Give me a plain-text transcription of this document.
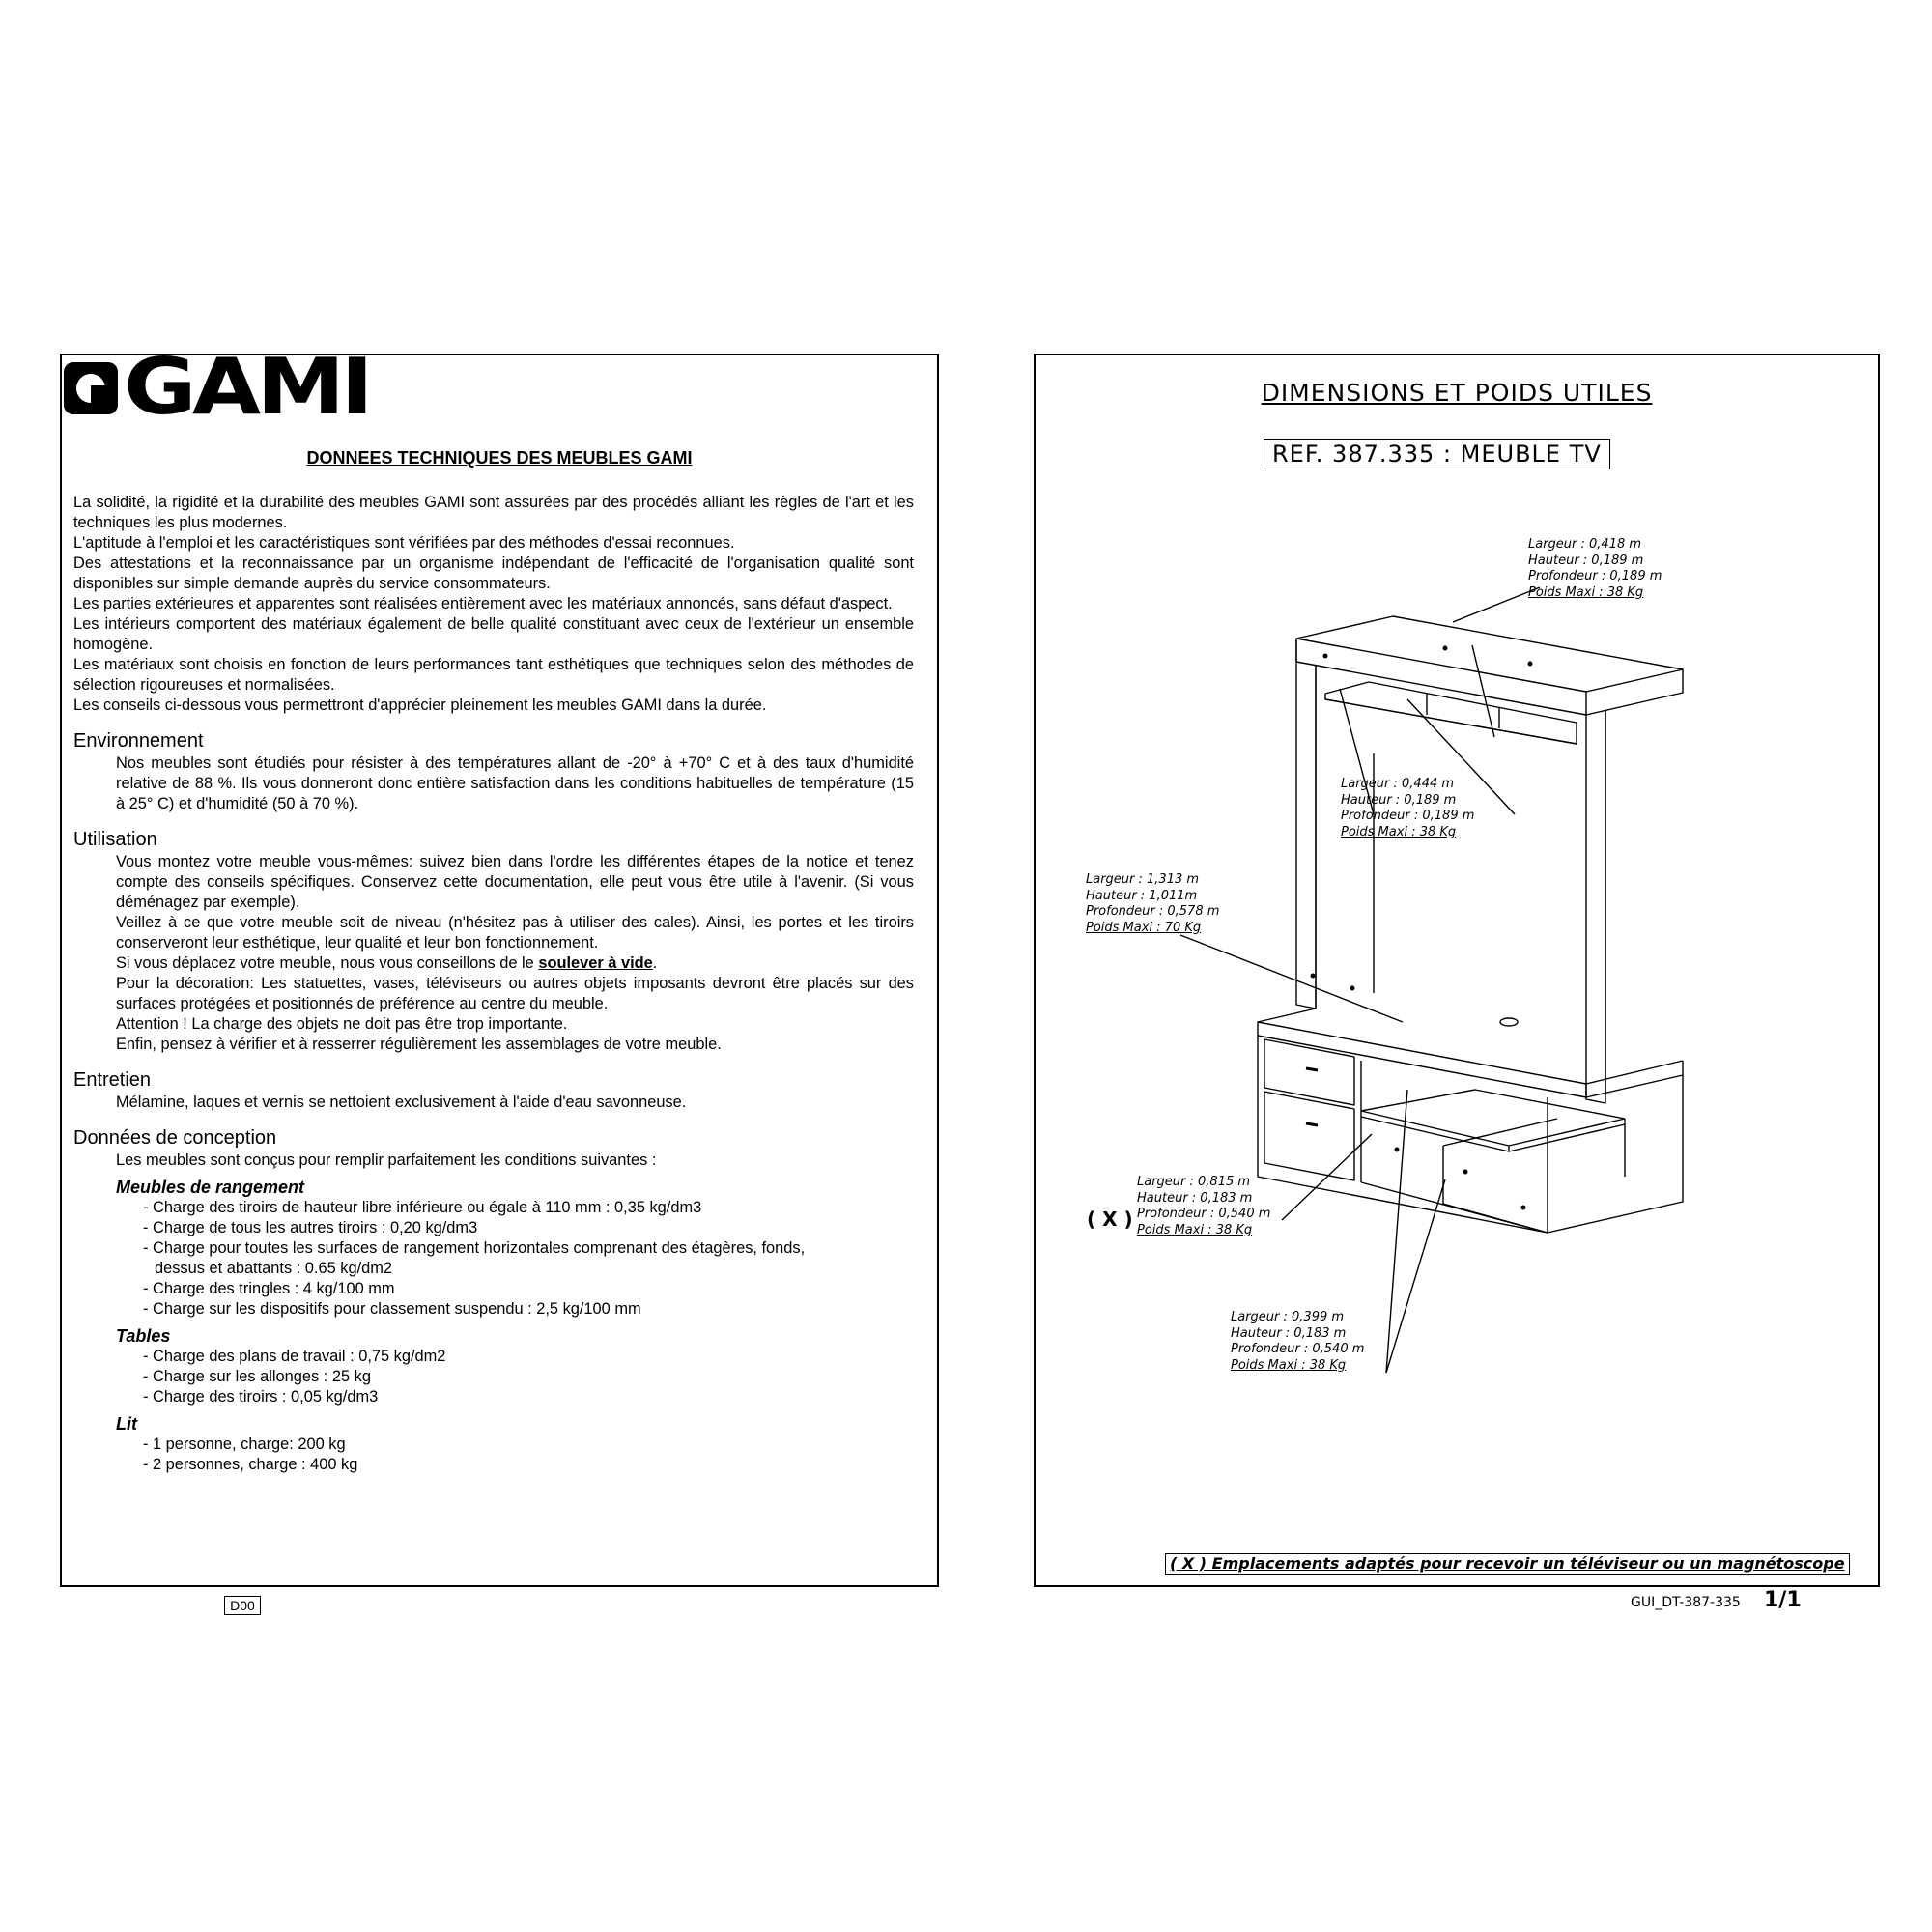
GAMI
DONNEES TECHNIQUES DES MEUBLES GAMI

La solidité, la rigidité et la durabilité des meubles GAMI sont assurées par des procédés alliant les règles de l'art et les techniques les plus modernes.

L'aptitude à l'emploi et les caractéristiques sont vérifiées par des méthodes d'essai reconnues.

Des attestations et la reconnaissance par un organisme indépendant de l'efficacité de l'organisation qualité sont disponibles sur simple demande auprès du service consommateurs.

Les parties extérieures et apparentes sont réalisées entièrement avec les matériaux annoncés, sans défaut d'aspect.

Les intérieurs comportent des matériaux également de belle qualité constituant avec ceux de l'extérieur un ensemble homogène.

Les matériaux sont choisis en fonction de leurs performances tant esthétiques que techniques selon des méthodes de sélection rigoureuses et normalisées.

Les conseils ci-dessous vous permettront d'apprécier pleinement les meubles GAMI dans la durée.

Environnement

Nos meubles sont étudiés pour résister à des températures allant de -20° à +70° C et à des taux d'humidité relative de 88 %. Ils vous donneront donc entière satisfaction dans les conditions habituelles de température (15 à 25° C) et d'humidité (50 à 70 %).

Utilisation

Vous montez votre meuble vous-mêmes: suivez bien dans l'ordre les différentes étapes de la notice et tenez compte des conseils spécifiques. Conservez cette documentation, elle peut vous être utile à l'avenir. (Si vous déménagez par exemple).

Veillez à ce que votre meuble soit de niveau (n'hésitez pas à utiliser des cales). Ainsi, les portes et les tiroirs conserveront leur esthétique, leur qualité et leur bon fonctionnement.

Si vous déplacez votre meuble, nous vous conseillons de le soulever à vide.

Pour la décoration: Les statuettes, vases, téléviseurs ou autres objets imposants devront être placés sur des surfaces protégées et positionnés de préférence au centre du meuble.

Attention ! La charge des objets ne doit pas être trop importante.

Enfin, pensez à vérifier et à resserrer régulièrement les assemblages de votre meuble.

Entretien

Mélamine, laques et vernis se nettoient exclusivement à l'aide d'eau savonneuse.

Données de conception

Les meubles sont conçus pour remplir parfaitement les conditions suivantes :

Meubles de rangement

- Charge des tiroirs de hauteur libre inférieure ou égale à 110 mm : 0,35 kg/dm3

- Charge de tous les autres tiroirs : 0,20 kg/dm3

- Charge pour toutes les surfaces de rangement horizontales comprenant des étagères, fonds,

dessus et abattants : 0.65 kg/dm2

- Charge des tringles : 4 kg/100 mm

- Charge sur les dispositifs pour classement suspendu : 2,5 kg/100 mm

Tables

- Charge des plans de travail : 0,75 kg/dm2

- Charge sur les allonges : 25 kg

- Charge des tiroirs : 0,05 kg/dm3

Lit

- 1 personne, charge: 200 kg

- 2 personnes, charge : 400 kg

D00
DIMENSIONS ET POIDS UTILES
REF. 387.335 : MEUBLE TV
Largeur : 0,418 m
Hauteur : 0,189 m
Profondeur : 0,189 m
Poids Maxi : 38 Kg
Largeur : 0,444 m
Hauteur : 0,189 m
Profondeur : 0,189 m
Poids Maxi : 38 Kg
Largeur : 1,313 m
Hauteur : 1,011m
Profondeur : 0,578 m
Poids Maxi : 70 Kg
( X )
Largeur : 0,815 m
Hauteur : 0,183 m
Profondeur : 0,540 m
Poids Maxi : 38 Kg
Largeur : 0,399 m
Hauteur : 0,183 m
Profondeur : 0,540 m
Poids Maxi : 38 Kg
( X ) Emplacements adaptés pour recevoir un téléviseur ou un magnétoscope
GUI_DT-387-335 1/1
